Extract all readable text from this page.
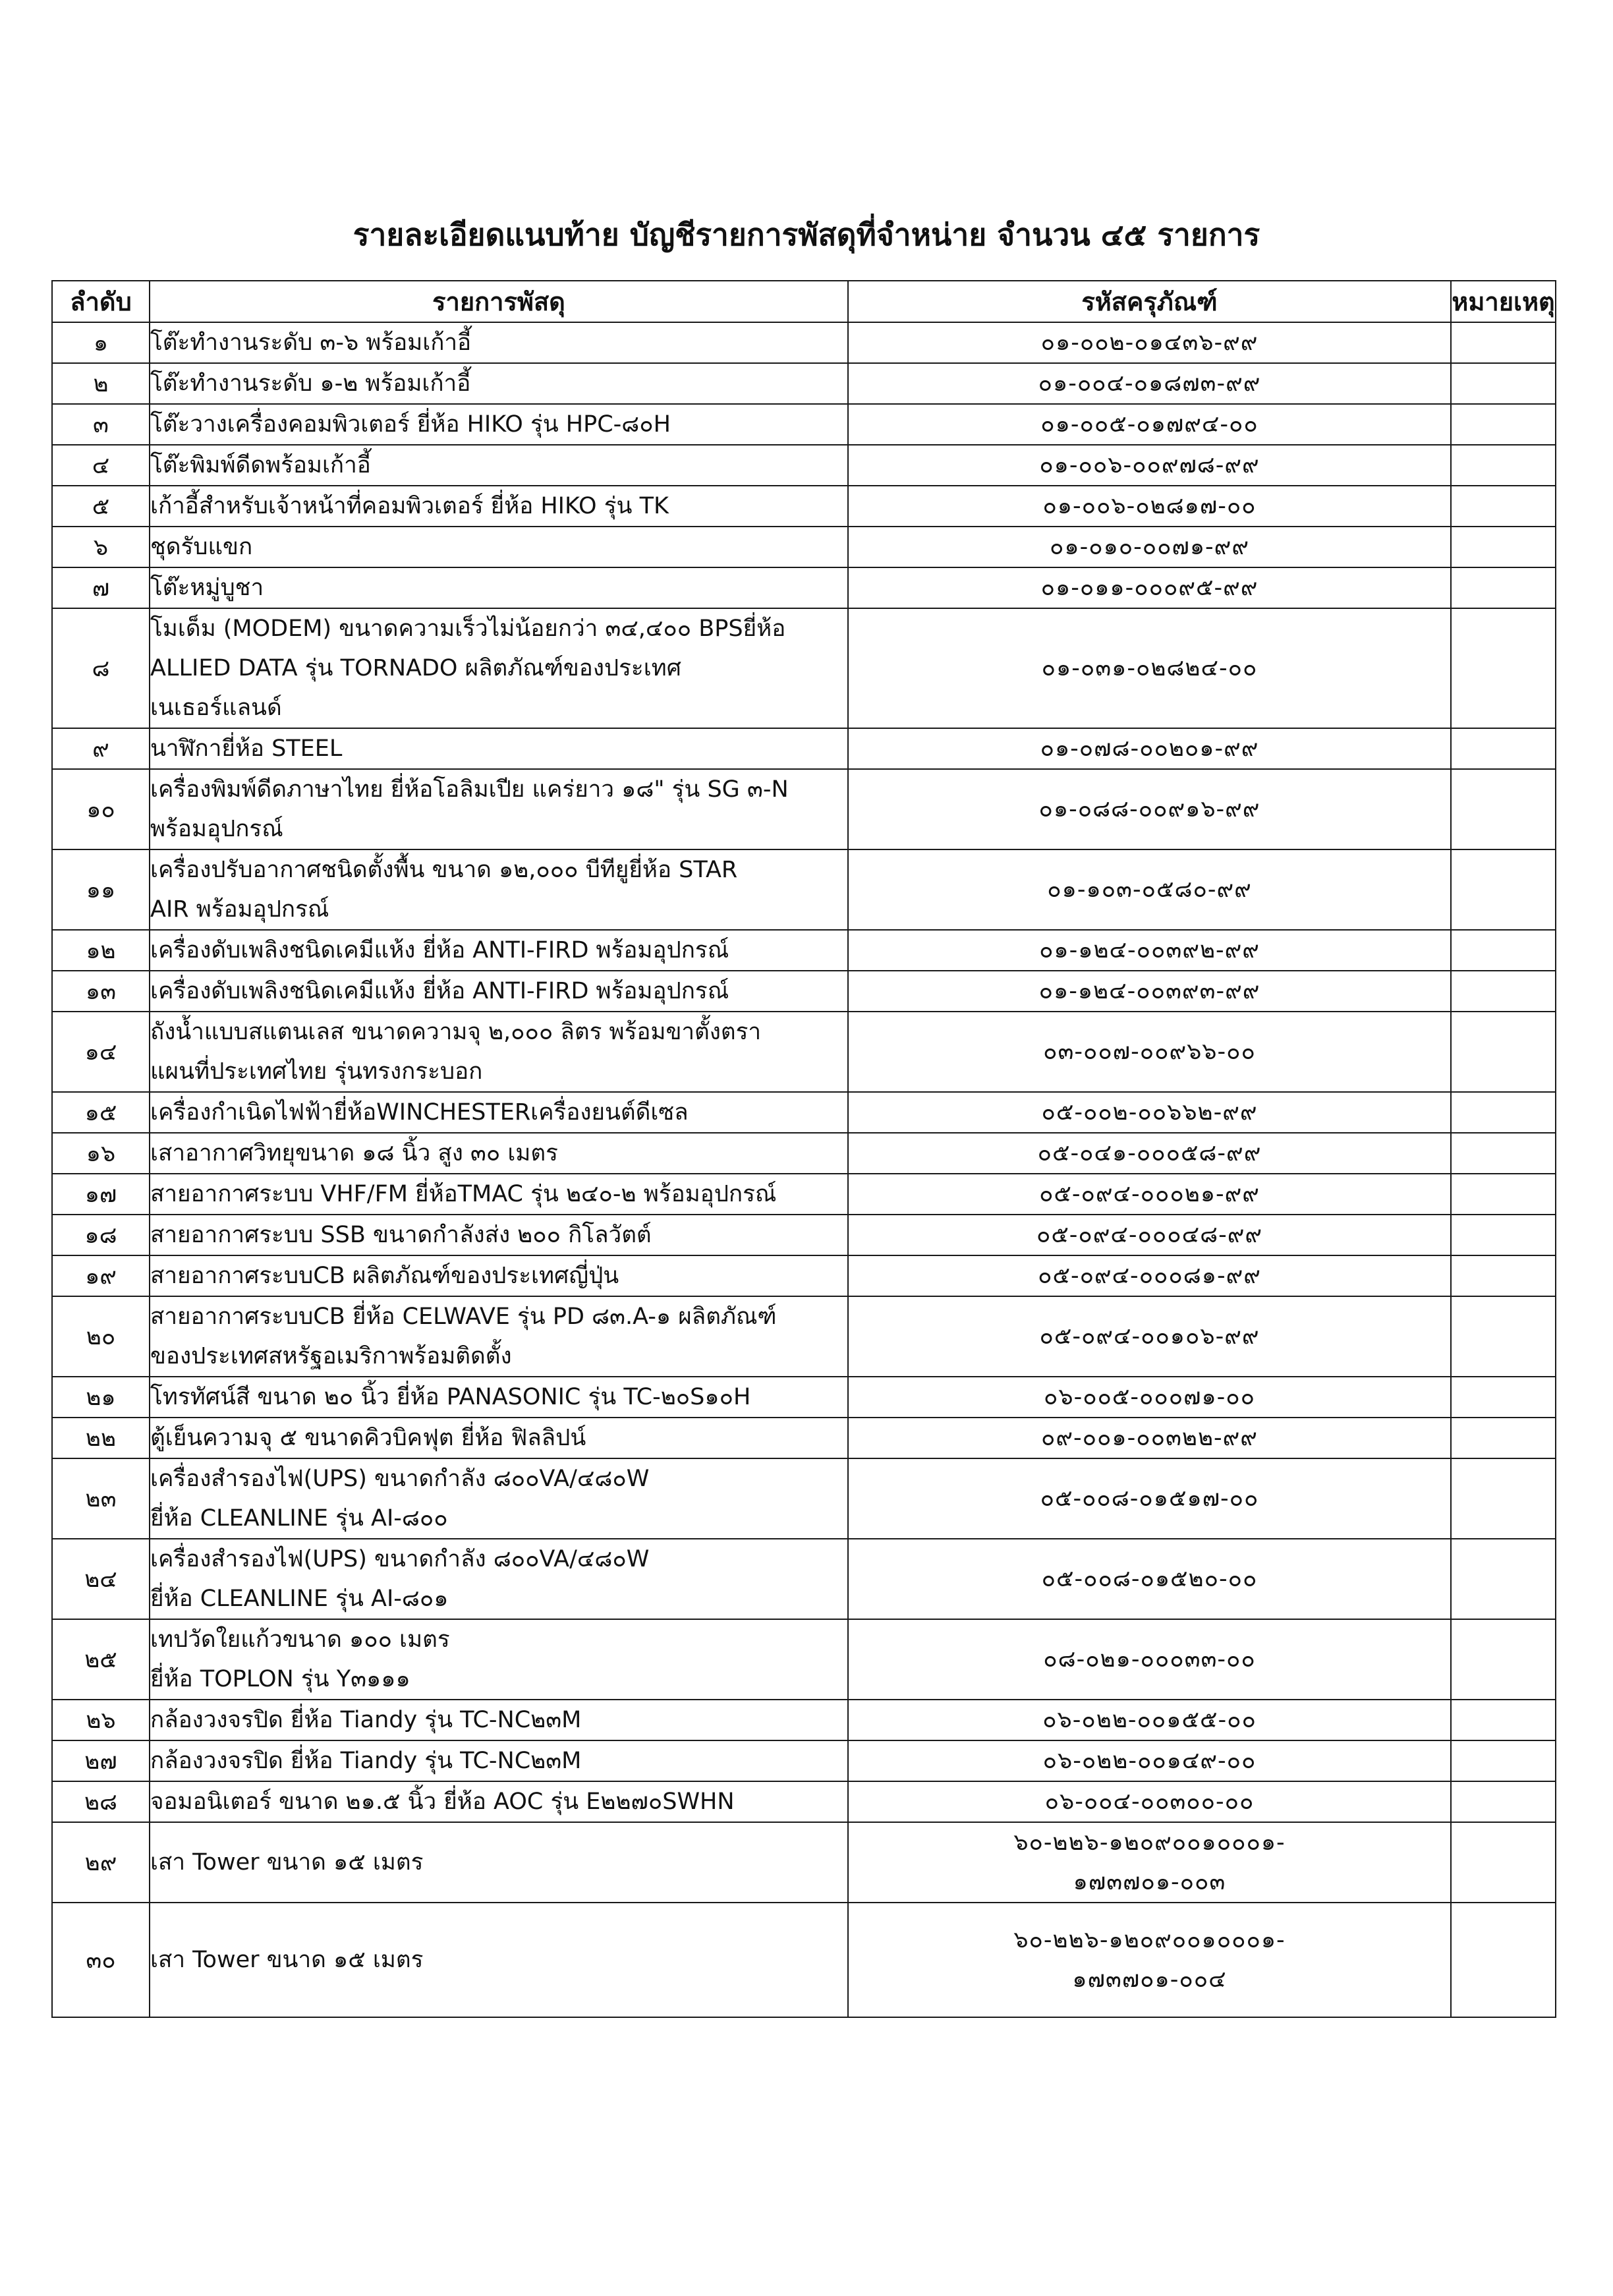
รายละเอียดแนบท้าย บัญชีรายการพัสดุที่จำหน่าย จำนวน ๔๕ รายการ
ลำดับ	รายการพัสดุ	รหัสครุภัณฑ์	หมายเหตุ
๑	โต๊ะทำงานระดับ ๓-๖ พร้อมเก้าอี้	๐๑-๐๐๒-๐๑๔๓๖-๙๙	
๒	โต๊ะทำงานระดับ ๑-๒ พร้อมเก้าอี้	๐๑-๐๐๔-๐๑๘๗๓-๙๙	
๓	โต๊ะวางเครื่องคอมพิวเตอร์ ยี่ห้อ HIKO รุ่น HPC-๘๐H	๐๑-๐๐๕-๐๑๗๙๔-๐๐	
๔	โต๊ะพิมพ์ดีดพร้อมเก้าอี้	๐๑-๐๐๖-๐๐๙๗๘-๙๙	
๕	เก้าอี้สำหรับเจ้าหน้าที่คอมพิวเตอร์ ยี่ห้อ HIKO รุ่น TK	๐๑-๐๐๖-๐๒๘๑๗-๐๐	
๖	ชุดรับแขก	๐๑-๐๑๐-๐๐๗๑-๙๙	
๗	โต๊ะหมู่บูชา	๐๑-๐๑๑-๐๐๐๙๕-๙๙	
๘	โมเด็ม (MODEM) ขนาดความเร็วไม่น้อยกว่า ๓๔,๔๐๐ BPSยี่ห้อ
ALLIED DATA รุ่น TORNADO ผลิตภัณฑ์ของประเทศ
เนเธอร์แลนด์	๐๑-๐๓๑-๐๒๘๒๔-๐๐	
๙	นาฬิกายี่ห้อ STEEL	๐๑-๐๗๘-๐๐๒๐๑-๙๙	
๑๐	เครื่องพิมพ์ดีดภาษาไทย ยี่ห้อโอลิมเปีย แคร่ยาว ๑๘" รุ่น SG ๓-N
พร้อมอุปกรณ์	๐๑-๐๘๘-๐๐๙๑๖-๙๙	
๑๑	เครื่องปรับอากาศชนิดตั้งพื้น ขนาด ๑๒,๐๐๐ บีทียูยี่ห้อ STAR
AIR พร้อมอุปกรณ์	๐๑-๑๐๓-๐๕๘๐-๙๙	
๑๒	เครื่องดับเพลิงชนิดเคมีแห้ง ยี่ห้อ ANTI-FIRD พร้อมอุปกรณ์	๐๑-๑๒๔-๐๐๓๙๒-๙๙	
๑๓	เครื่องดับเพลิงชนิดเคมีแห้ง ยี่ห้อ ANTI-FIRD พร้อมอุปกรณ์	๐๑-๑๒๔-๐๐๓๙๓-๙๙	
๑๔	ถังน้ำแบบสแตนเลส ขนาดความจุ ๒,๐๐๐ ลิตร พร้อมขาตั้งตรา
แผนที่ประเทศไทย รุ่นทรงกระบอก	๐๓-๐๐๗-๐๐๙๖๖-๐๐	
๑๕	เครื่องกำเนิดไฟฟ้ายี่ห้อWINCHESTERเครื่องยนต์ดีเซล	๐๕-๐๐๒-๐๐๖๖๒-๙๙	
๑๖	เสาอากาศวิทยุขนาด ๑๘ นิ้ว สูง ๓๐ เมตร	๐๕-๐๔๑-๐๐๐๕๘-๙๙	
๑๗	สายอากาศระบบ VHF/FM ยี่ห้อTMAC รุ่น ๒๔๐-๒ พร้อมอุปกรณ์	๐๕-๐๙๔-๐๐๐๒๑-๙๙	
๑๘	สายอากาศระบบ SSB ขนาดกำลังส่ง ๒๐๐ กิโลวัตต์	๐๕-๐๙๔-๐๐๐๔๘-๙๙	
๑๙	สายอากาศระบบCB ผลิตภัณฑ์ของประเทศญี่ปุ่น	๐๕-๐๙๔-๐๐๐๘๑-๙๙	
๒๐	สายอากาศระบบCB ยี่ห้อ CELWAVE รุ่น PD ๘๓.A-๑ ผลิตภัณฑ์
ของประเทศสหรัฐอเมริกาพร้อมติดตั้ง	๐๕-๐๙๔-๐๐๑๐๖-๙๙	
๒๑	โทรทัศน์สี ขนาด ๒๐ นิ้ว ยี่ห้อ PANASONIC รุ่น TC-๒๐S๑๐H	๐๖-๐๐๕-๐๐๐๗๑-๐๐	
๒๒	ตู้เย็นความจุ ๕ ขนาดคิวบิคฟุต ยี่ห้อ ฟิลลิปน์	๐๙-๐๐๑-๐๐๓๒๒-๙๙	
๒๓	เครื่องสำรองไฟ(UPS) ขนาดกำลัง ๘๐๐VA/๔๘๐W
ยี่ห้อ CLEANLINE รุ่น AI-๘๐๐	๐๕-๐๐๘-๐๑๕๑๗-๐๐	
๒๔	เครื่องสำรองไฟ(UPS) ขนาดกำลัง ๘๐๐VA/๔๘๐W
ยี่ห้อ CLEANLINE รุ่น AI-๘๐๑	๐๕-๐๐๘-๐๑๕๒๐-๐๐	
๒๕	เทปวัดใยแก้วขนาด ๑๐๐ เมตร
ยี่ห้อ TOPLON รุ่น Y๓๑๑๑	๐๘-๐๒๑-๐๐๐๓๓-๐๐	
๒๖	กล้องวงจรปิด ยี่ห้อ Tiandy รุ่น TC-NC๒๓M	๐๖-๐๒๒-๐๐๑๕๕-๐๐	
๒๗	กล้องวงจรปิด ยี่ห้อ Tiandy รุ่น TC-NC๒๓M	๐๖-๐๒๒-๐๐๑๔๙-๐๐	
๒๘	จอมอนิเตอร์ ขนาด ๒๑.๕ นิ้ว ยี่ห้อ AOC รุ่น E๒๒๗๐SWHN	๐๖-๐๐๔-๐๐๓๐๐-๐๐	
๒๙	เสา Tower ขนาด ๑๕ เมตร	๖๐-๒๒๖-๑๒๐๙๐๐๑๐๐๐๑-
๑๗๓๗๐๑-๐๐๓	
๓๐	เสา Tower ขนาด ๑๕ เมตร	๖๐-๒๒๖-๑๒๐๙๐๐๑๐๐๐๑-
๑๗๓๗๐๑-๐๐๔	
